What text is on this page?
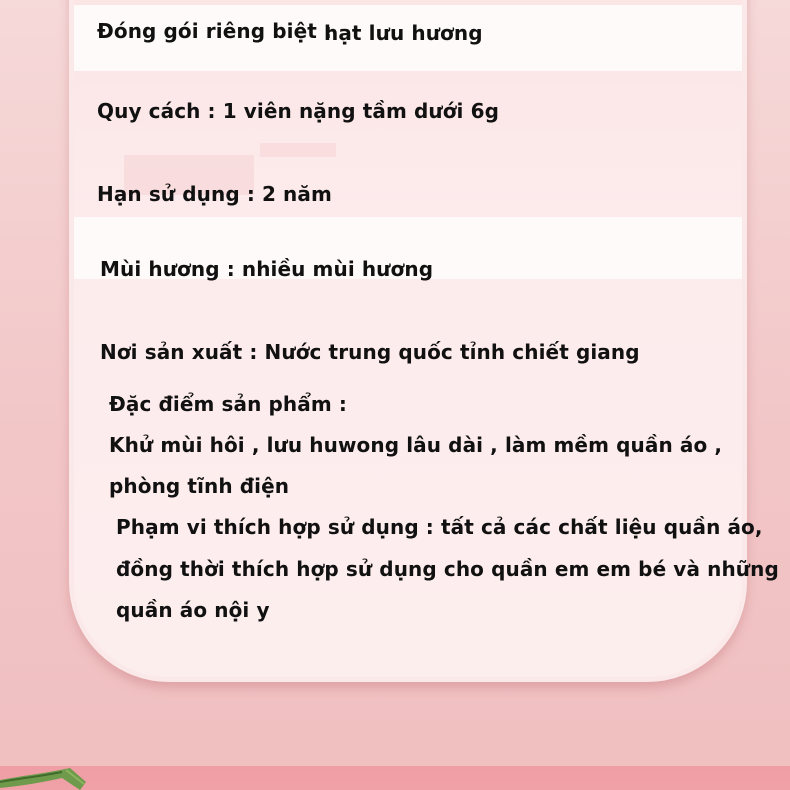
Đóng gói riêng biệt :
hạt lưu hương
Quy cách : 1 viên nặng tầm dưới 6g
Hạn sử dụng : 2 năm
Mùi hương : nhiều mùi hương
Nơi sản xuất : Nước trung quốc tỉnh chiết giang
Đặc điểm sản phẩm :
Khử mùi hôi , lưu huwong lâu dài , làm mềm quần áo ,
phòng tĩnh điện
Phạm vi thích hợp sử dụng : tất cả các chất liệu quần áo,
đồng thời thích hợp sử dụng cho quần em em bé và những
quần áo nội y
